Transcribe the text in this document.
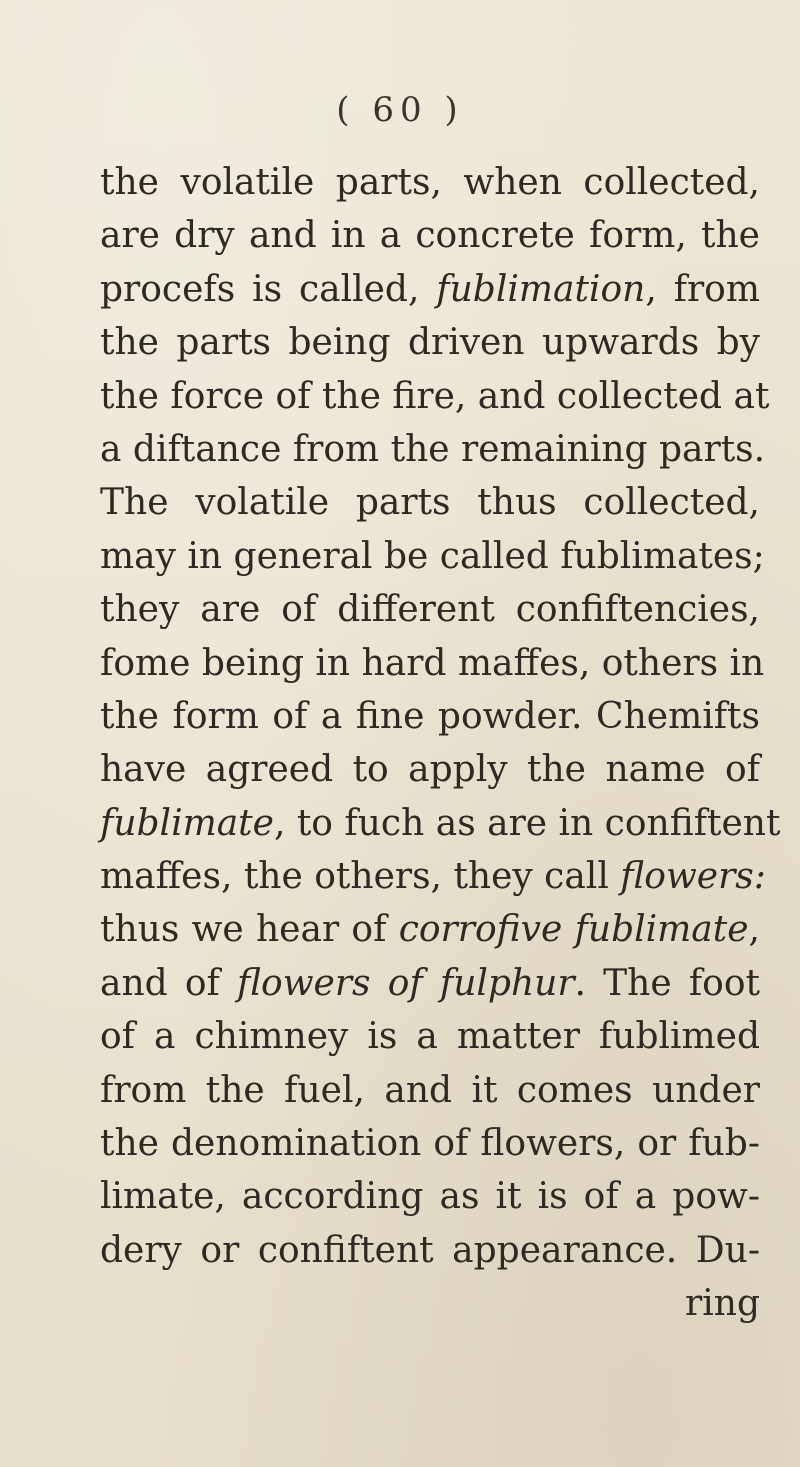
( 60 )
the volatile parts, when collected,
are dry and in a concrete form, the
procefs is called, fublimation, from
the parts being driven upwards by
the force of the fire, and collected at
a diftance from the remaining parts.
The volatile parts thus collected,
may in general be called fublimates;
they are of different confiftencies,
fome being in hard maffes, others in
the form of a fine powder. Chemifts
have agreed to apply the name of
fublimate, to fuch as are in confiftent
maffes, the others, they call flowers:
thus we hear of corrofive fublimate,
and of flowers of fulphur. The foot
of a chimney is a matter fublimed
from the fuel, and it comes under
the denomination of flowers, or fub-
limate, according as it is of a pow-
dery or confiftent appearance. Du-
ring
